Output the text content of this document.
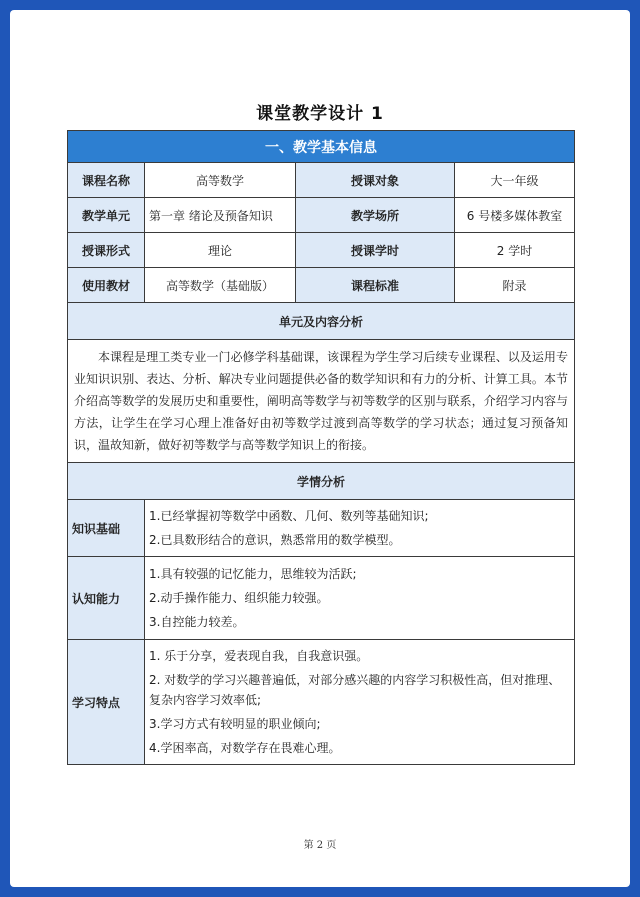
课堂教学设计 1
一、教学基本信息			
课程名称	高等数学	授课对象	大一年级
教学单元	第一章 绪论及预备知识	教学场所	6 号楼多媒体教室
授课形式	理论	授课学时	2 学时
使用教材	高等数学（基础版）	课程标准	附录
单元及内容分析			
本课程是理工类专业一门必修学科基础课，该课程为学生学习后续专业课程、以及运用专业知识识别、表达、分析、解决专业问题提供必备的数学知识和有力的分析、计算工具。本节介绍高等数学的发展历史和重要性，阐明高等数学与初等数学的区别与联系，介绍学习内容与方法，让学生在学习心理上准备好由初等数学过渡到高等数学的学习状态；通过复习预备知识，温故知新，做好初等数学与高等数学知识上的衔接。			
学情分析			
知识基础	1.已经掌握初等数学中函数、几何、数列等基础知识;
2.已具数形结合的意识，熟悉常用的数学模型。		

认知能力	1.具有较强的记忆能力，思维较为活跃;
2.动手操作能力、组织能力较强。
3.自控能力较差。		

学习特点	1. 乐于分享，爱表现自我，自我意识强。
2. 对数学的学习兴趣普遍低，对部分感兴趣的内容学习积极性高，但对推理、复杂内容学习效率低;
3.学习方式有较明显的职业倾向;
4.学困率高，对数学存在畏难心理。		
第 2 页
